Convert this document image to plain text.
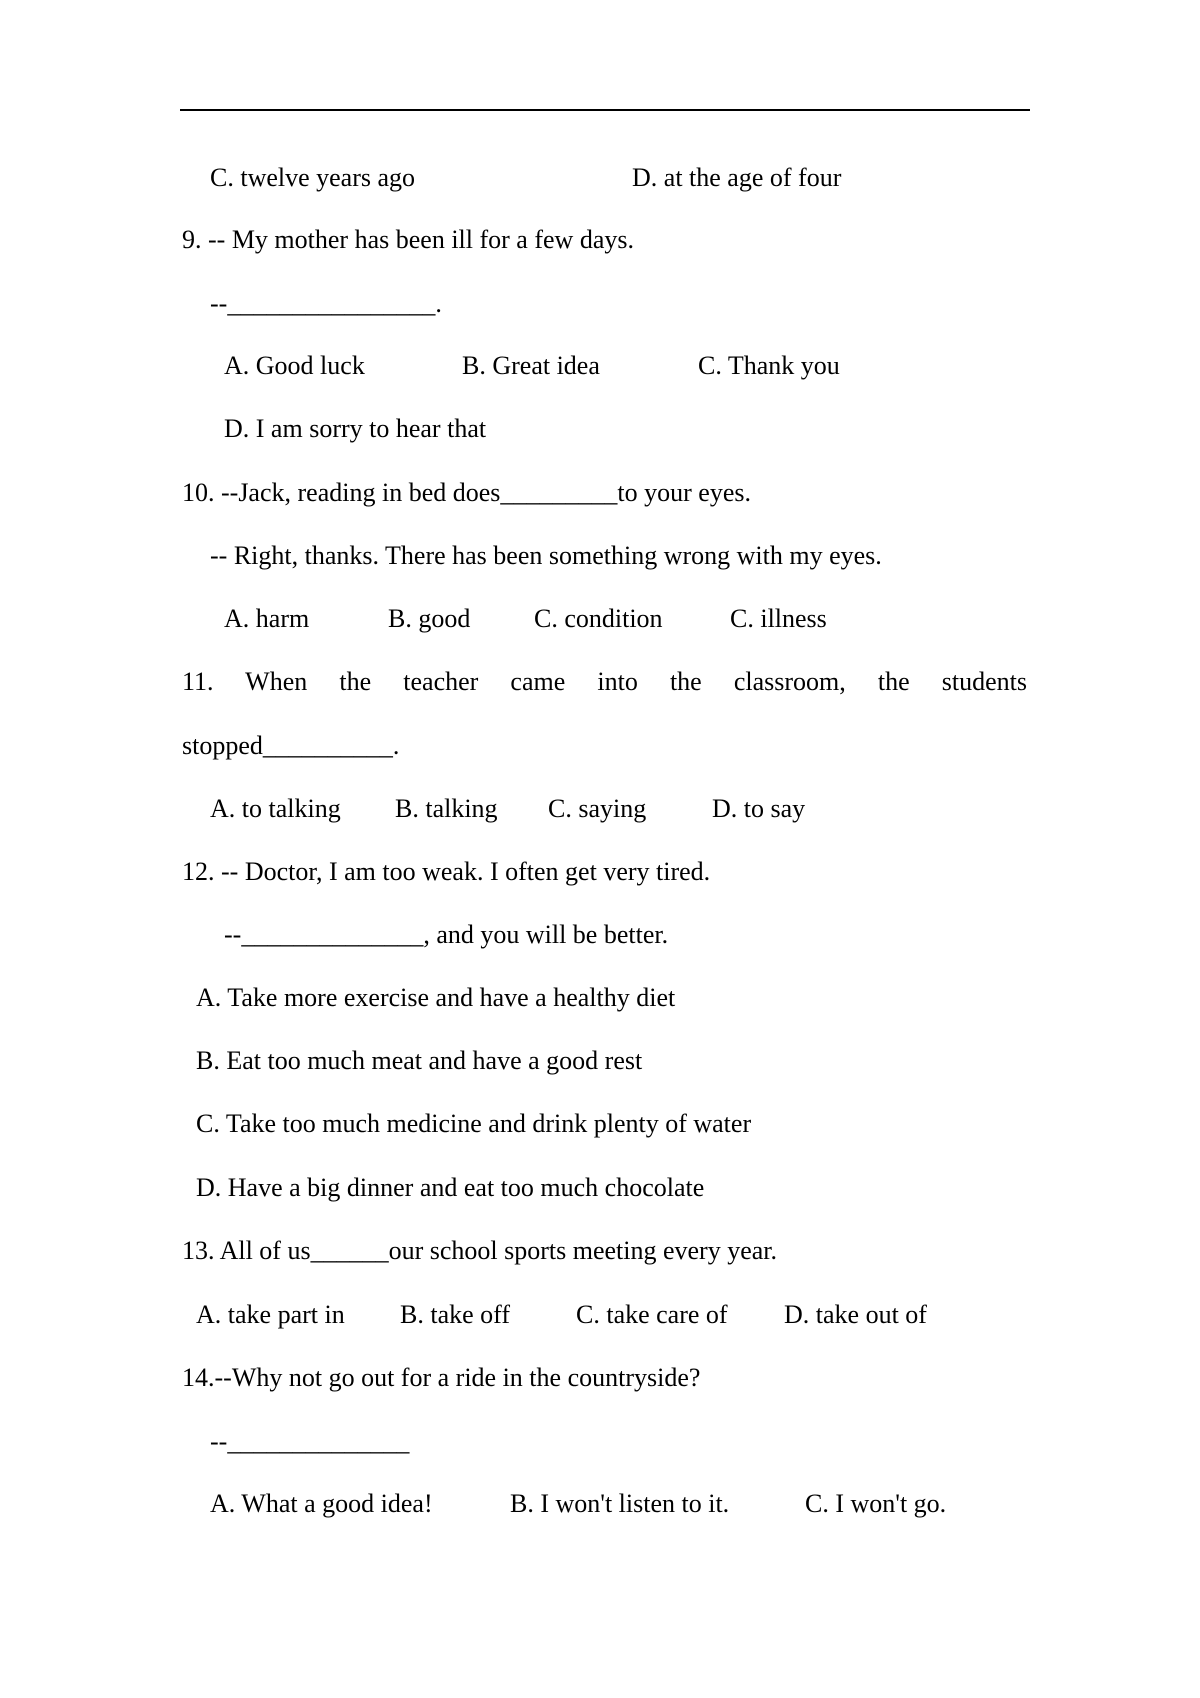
C. twelve years ago	D. at the age of four
9. -- My mother has been ill for a few days.
--________________.
A. Good luck	B. Great idea	C. Thank you
D. I am sorry to hear that
10. --Jack, reading in bed does_________to your eyes.
-- Right, thanks. There has been something wrong with my eyes.
A. harm	B. good C. condition	C. illness
11. When the teacher came into the classroom, the students
stopped__________.
A. to talking B. talking C. saying	D. to say
12. -- Doctor, I am too weak. I often get very tired.
--______________, and you will be better.
A. Take more exercise and have a healthy diet
B. Eat too much meat and have a good rest
C. Take too much medicine and drink plenty of water
D. Have a big dinner and eat too much chocolate
13. All of us______our school sports meeting every year.
A. take part in B. take off	C. take care of D. take out of
14.--Why not go out for a ride in the countryside?
--______________
A. What a good idea!	B. I won't listen to it.	C. I won't go.
